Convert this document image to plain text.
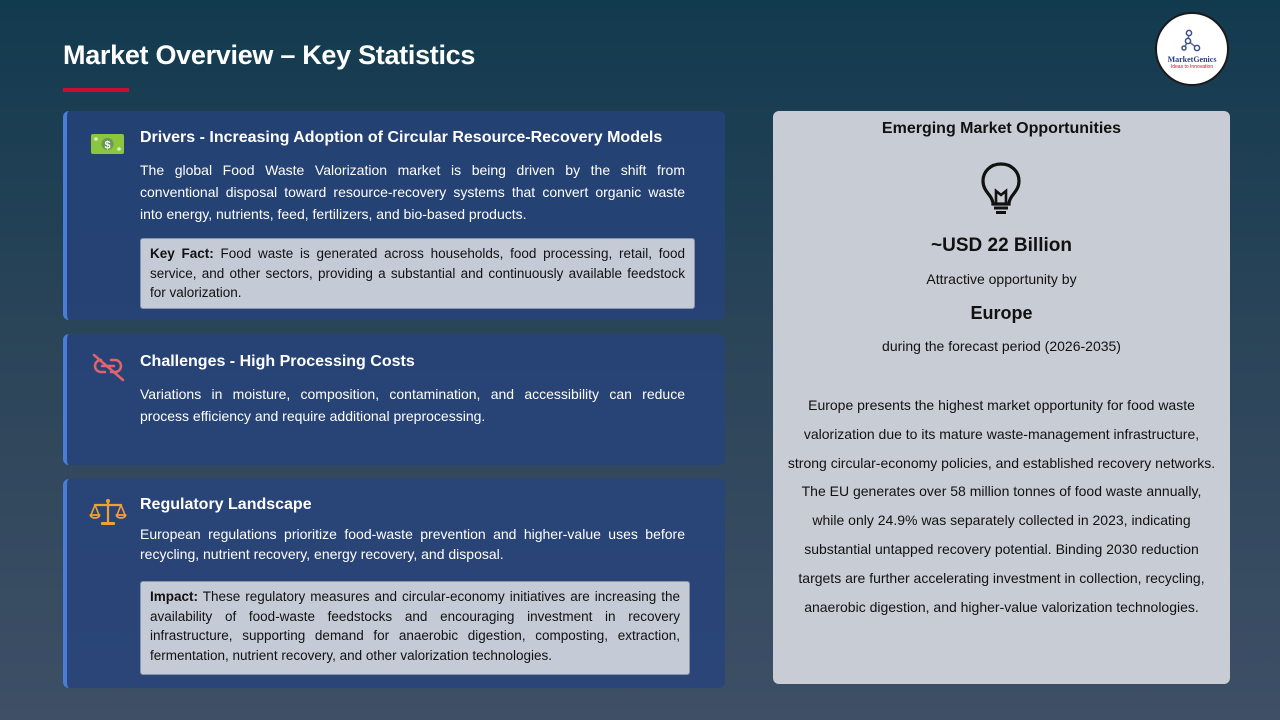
Market Overview – Key Statistics	MarketGenics
Ideas to Innovation
$ Drivers - Increasing Adoption of Circular Resource-Recovery Models
The global Food Waste Valorization market is being driven by the shift from conventional disposal toward resource-recovery systems that convert organic waste into energy, nutrients, feed, fertilizers, and bio-based products.
Key Fact: Food waste is generated across households, food processing, retail, food service, and other sectors, providing a substantial and continuously available feedstock for valorization.
Challenges - High Processing Costs
Variations in moisture, composition, contamination, and accessibility can reduce process efficiency and require additional preprocessing.
Regulatory Landscape
European regulations prioritize food-waste prevention and higher-value uses before recycling, nutrient recovery, energy recovery, and disposal.
Impact: These regulatory measures and circular-economy initiatives are increasing the availability of food-waste feedstocks and encouraging investment in recovery infrastructure, supporting demand for anaerobic digestion, composting, extraction, fermentation, nutrient recovery, and other valorization technologies.
Emerging Market Opportunities
~USD 22 Billion
Attractive opportunity by
Europe
during the forecast period (2026-2035)
Europe presents the highest market opportunity for food waste valorization due to its mature waste-management infrastructure, strong circular-economy policies, and established recovery networks. The EU generates over 58 million tonnes of food waste annually, while only 24.9% was separately collected in 2023, indicating substantial untapped recovery potential. Binding 2030 reduction targets are further accelerating investment in collection, recycling, anaerobic digestion, and higher-value valorization technologies.
